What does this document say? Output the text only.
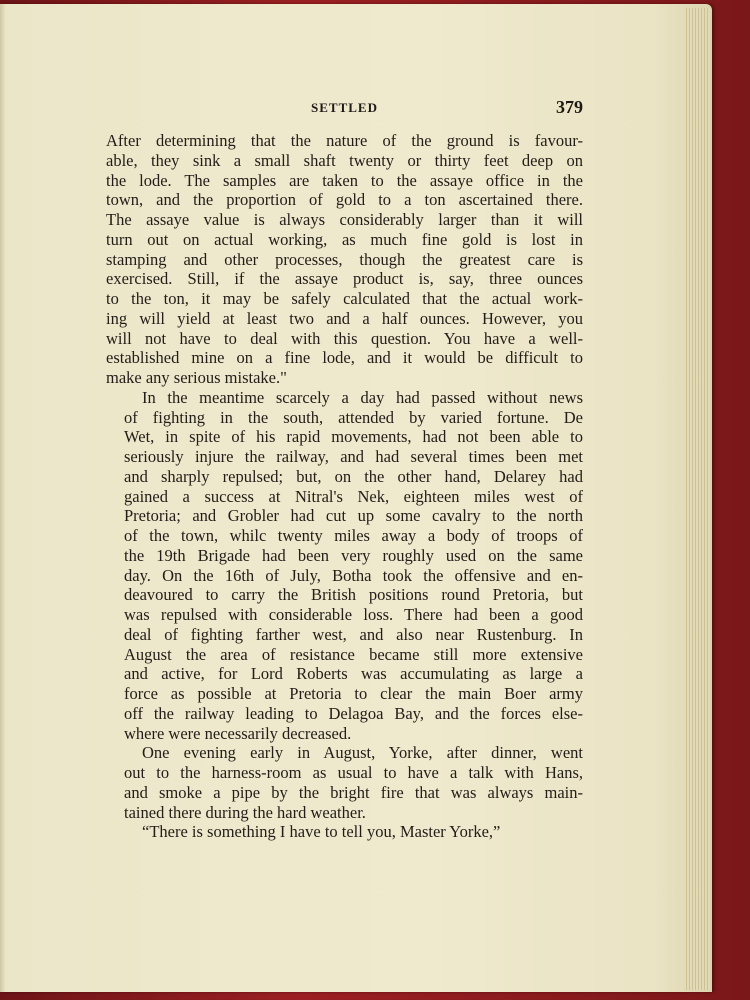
SETTLED	379
After determining that the nature of the ground is favour-
able, they sink a small shaft twenty or thirty feet deep on
the lode. The samples are taken to the assaye office in the
town, and the proportion of gold to a ton ascertained there.
The assaye value is always considerably larger than it will
turn out on actual working, as much fine gold is lost in
stamping and other processes, though the greatest care is
exercised. Still, if the assaye product is, say, three ounces
to the ton, it may be safely calculated that the actual work-
ing will yield at least two and a half ounces. However, you
will not have to deal with this question. You have a well-
established mine on a fine lode, and it would be difficult to
make any serious mistake."
In the meantime scarcely a day had passed without news
of fighting in the south, attended by varied fortune. De
Wet, in spite of his rapid movements, had not been able to
seriously injure the railway, and had several times been met
and sharply repulsed; but, on the other hand, Delarey had
gained a success at Nitral's Nek, eighteen miles west of
Pretoria; and Grobler had cut up some cavalry to the north
of the town, whilc twenty miles away a body of troops of
the 19th Brigade had been very roughly used on the same
day. On the 16th of July, Botha took the offensive and en-
deavoured to carry the British positions round Pretoria, but
was repulsed with considerable loss. There had been a good
deal of fighting farther west, and also near Rustenburg. In
August the area of resistance became still more extensive
and active, for Lord Roberts was accumulating as large a
force as possible at Pretoria to clear the main Boer army
off the railway leading to Delagoa Bay, and the forces else-
where were necessarily decreased.
One evening early in August, Yorke, after dinner, went
out to the harness-room as usual to have a talk with Hans,
and smoke a pipe by the bright fire that was always main-
tained there during the hard weather.
“There is something I have to tell you, Master Yorke,”
